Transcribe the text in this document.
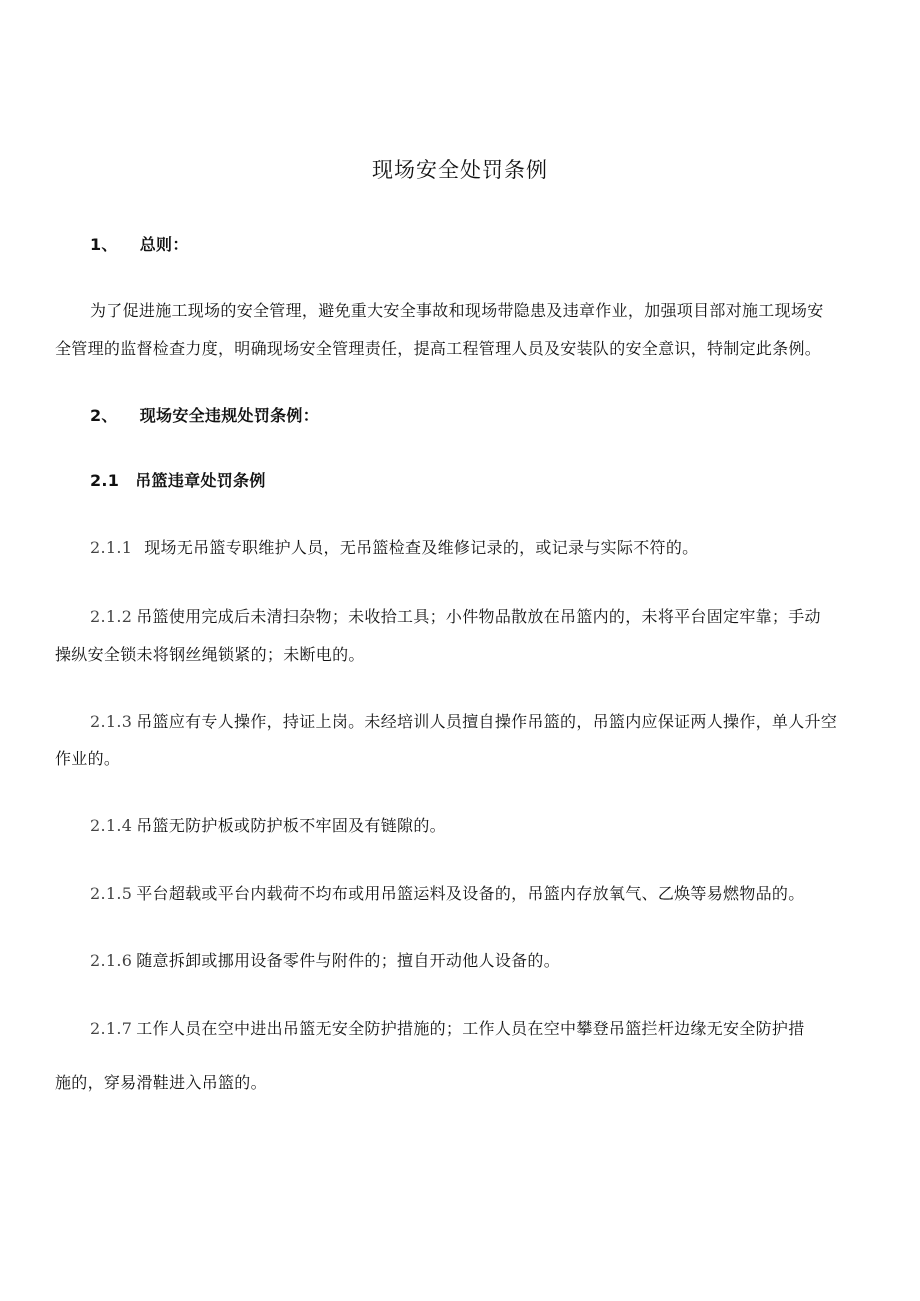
现场安全处罚条例
1、 总则：
为了促进施工现场的安全管理，避免重大安全事故和现场带隐患及违章作业，加强项目部对施工现场安
全管理的监督检查力度，明确现场安全管理责任，提高工程管理人员及安装队的安全意识，特制定此条例。
2、 现场安全违规处罚条例：
2.1 吊篮违章处罚条例
2.1.1 现场无吊篮专职维护人员，无吊篮检查及维修记录的，或记录与实际不符的。
2.1.2 吊篮使用完成后未清扫杂物；未收拾工具；小件物品散放在吊篮内的，未将平台固定牢靠；手动
操纵安全锁未将钢丝绳锁紧的；未断电的。
2.1.3 吊篮应有专人操作，持证上岗。未经培训人员擅自操作吊篮的，吊篮内应保证两人操作，单人升空
作业的。
2.1.4 吊篮无防护板或防护板不牢固及有链隙的。
2.1.5 平台超载或平台内载荷不均布或用吊篮运料及设备的，吊篮内存放氧气、乙焕等易燃物品的。
2.1.6 随意拆卸或挪用设备零件与附件的；擅自开动他人设备的。
2.1.7 工作人员在空中进出吊篮无安全防护措施的；工作人员在空中攀登吊篮拦杆边缘无安全防护措
施的，穿易滑鞋进入吊篮的。
